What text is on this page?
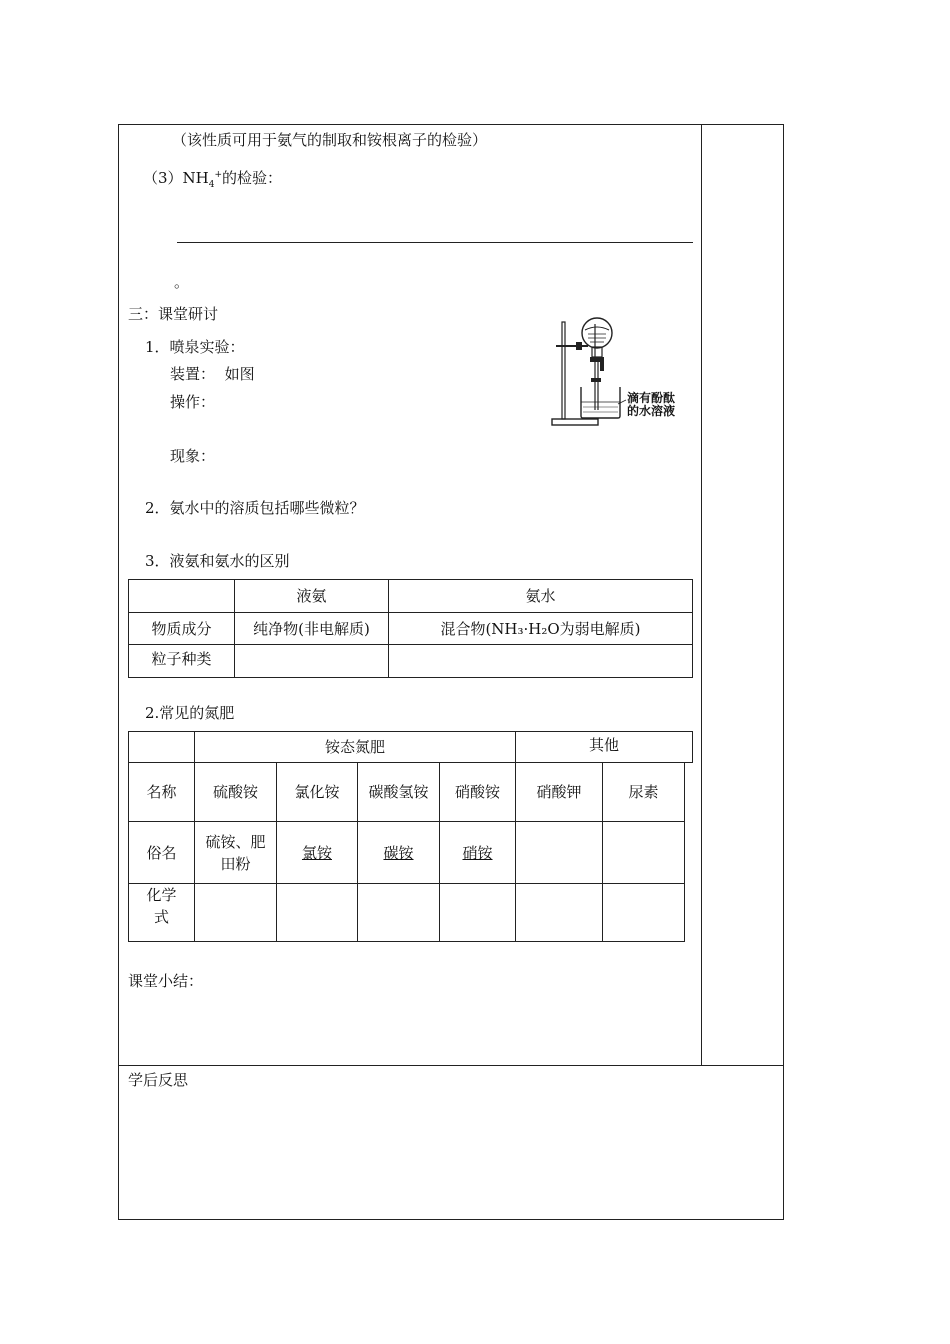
（该性质可用于氨气的制取和铵根离子的检验）
$(3)NH_4^+$的检验：
。
三：课堂研讨
1．喷泉实验：
装置： 如图
操作：
现象：
滴有酚酞
的水溶液
2．氨水中的溶质包括哪些微粒？
3．液氨和氨水的区别
	液氨	氨水
物质成分	纯净物(非电解质)	混合物(NH₃·H₂O为弱电解质)
粒子种类		
2.常见的氮肥
	铵态氮肥	其他
名称	硫酸铵	氯化铵	碳酸氢铵	硝酸铵	硝酸钾	尿素
俗名	硫铵、肥田粉	氯铵	碳铵	硝铵		
化学式						
课堂小结：
学后反思
